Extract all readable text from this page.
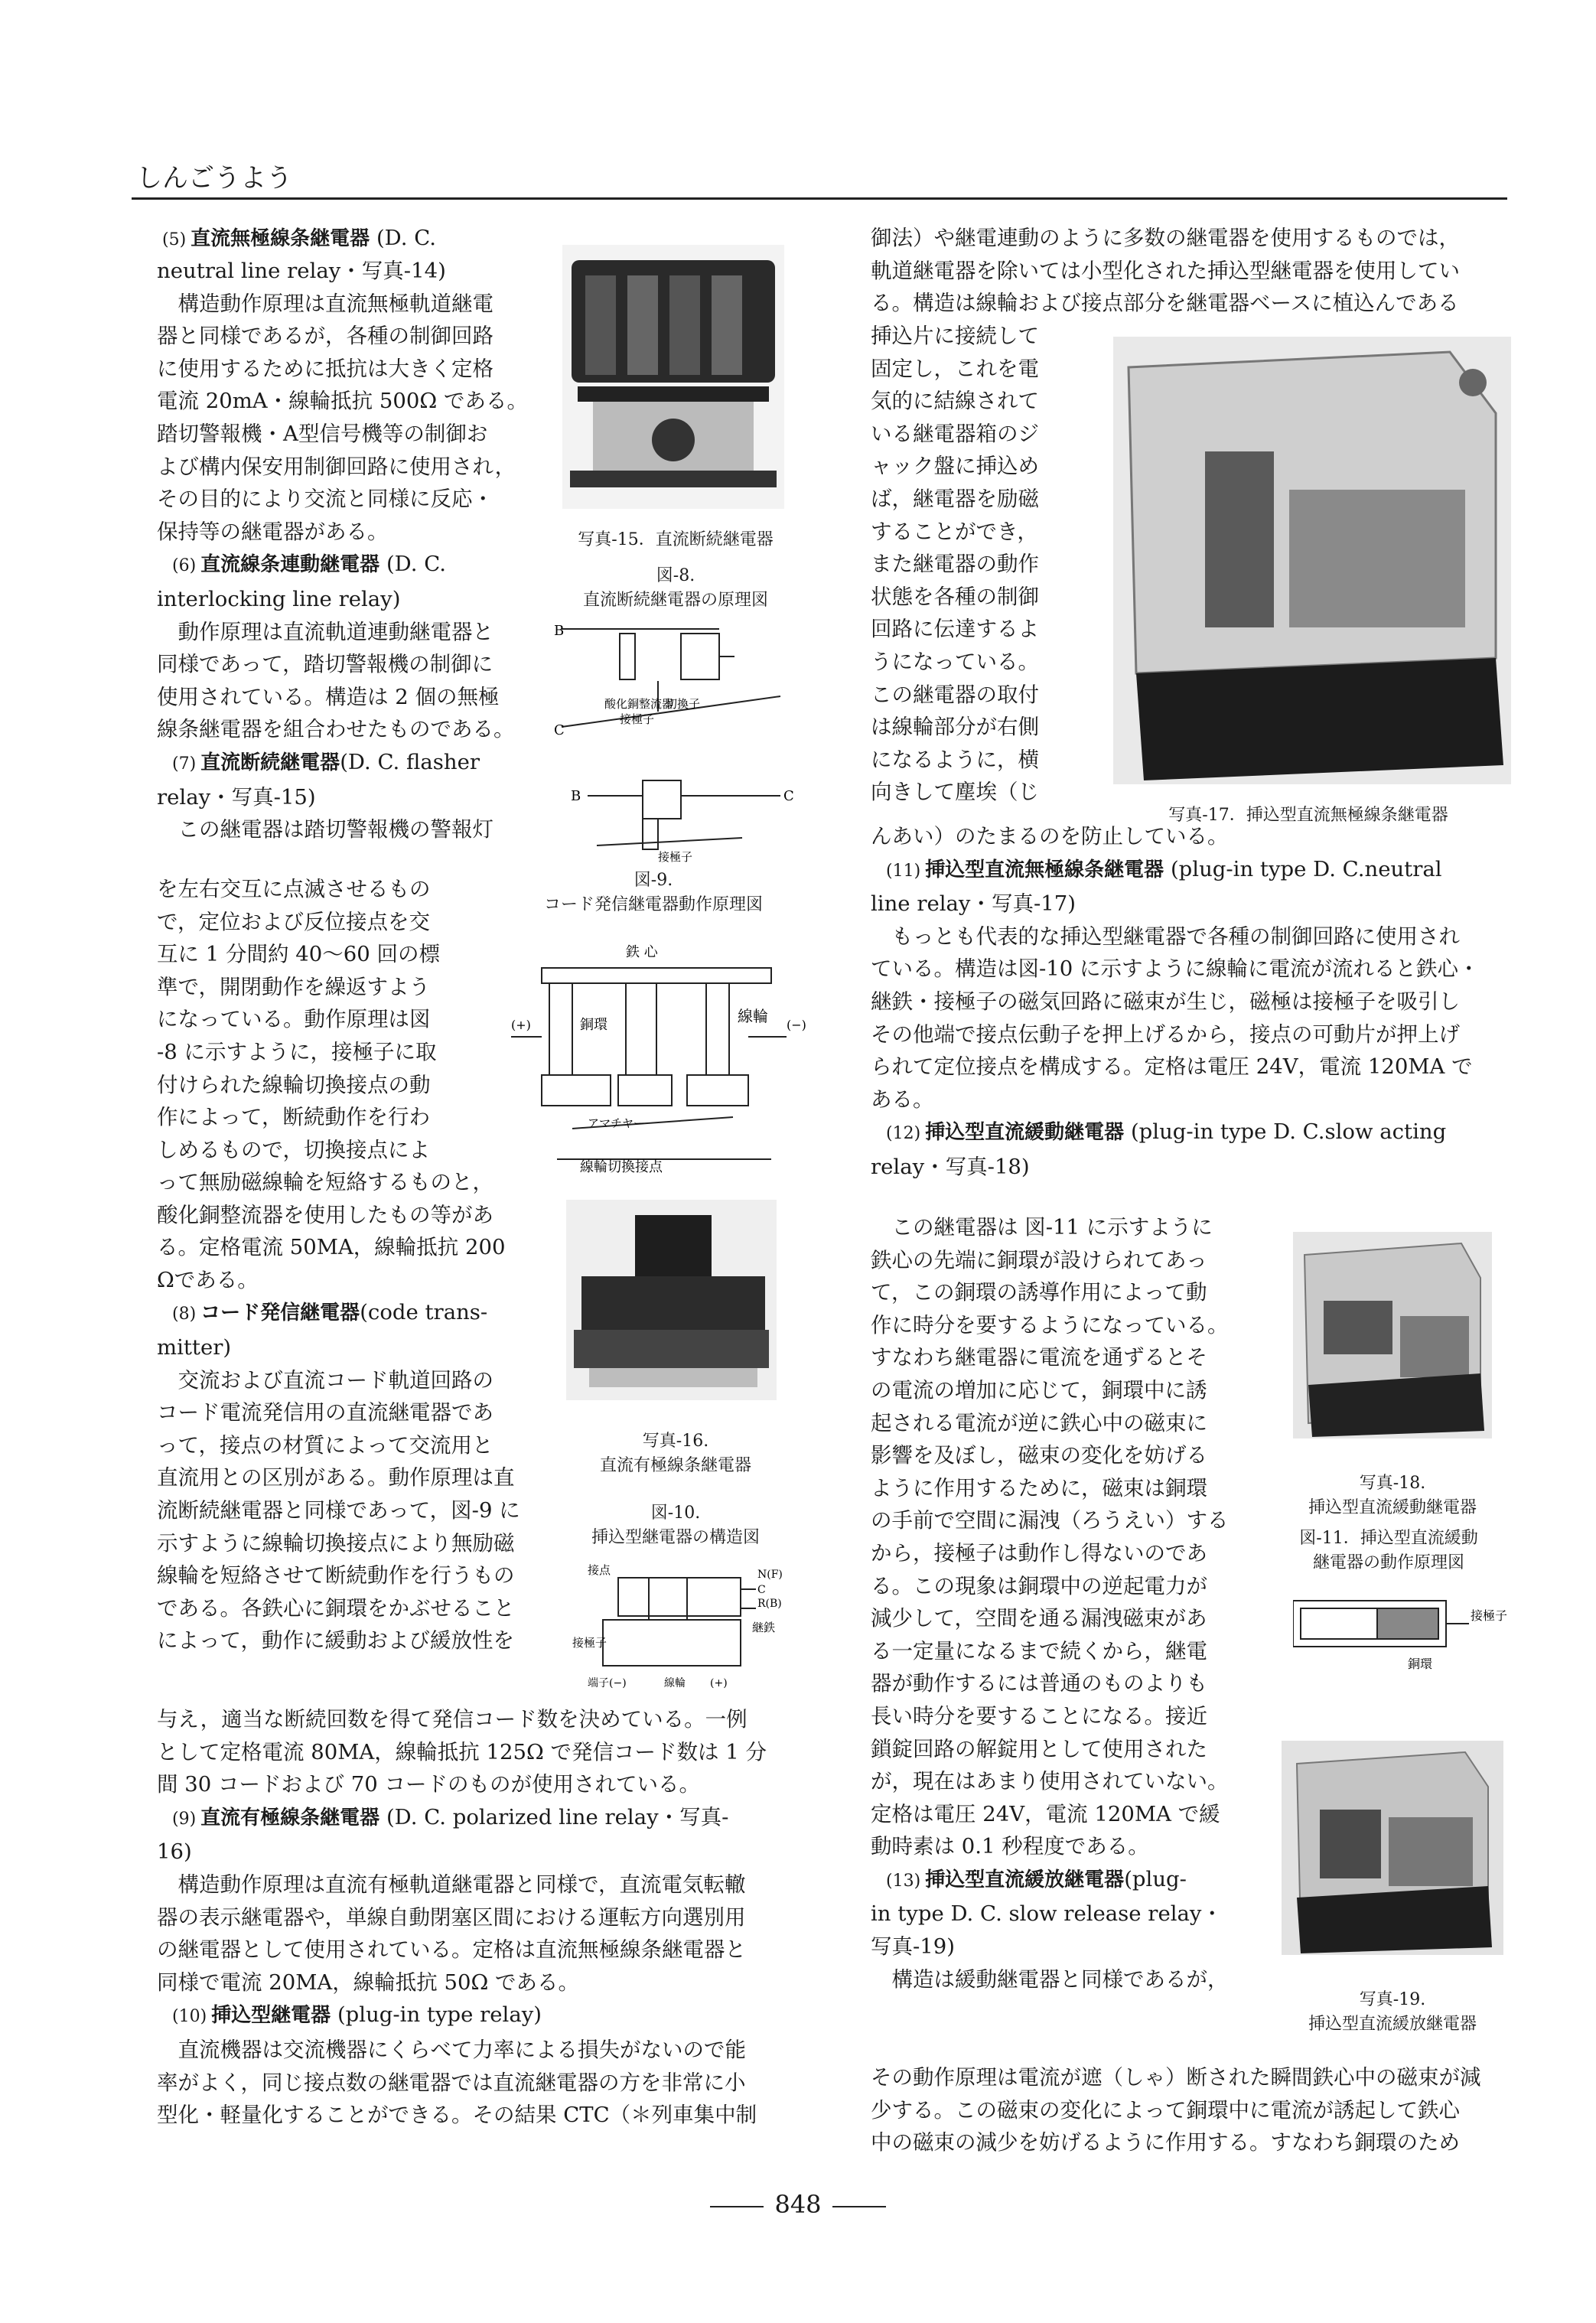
しんごうよう

(5) 直流無極線条継電器 (D. C.

neutral line relay・写真-14)

構造動作原理は直流無極軌道継電

器と同様であるが，各種の制御回路

に使用するために抵抗は大きく定格

電流 20mA・線輪抵抗 500Ω である。

踏切警報機・A型信号機等の制御お

よび構内保安用制御回路に使用され，

その目的により交流と同様に反応・

保持等の継電器がある。

(6) 直流線条連動継電器 (D. C.

interlocking line relay)

動作原理は直流軌道連動継電器と

同様であって，踏切警報機の制御に

使用されている。構造は 2 個の無極

線条継電器を組合わせたものである。

(7) 直流断続継電器(D. C. flasher

relay・写真-15)

この継電器は踏切警報機の警報灯

を左右交互に点滅させるもの

で，定位および反位接点を交

互に 1 分間約 40〜60 回の標

準で，開閉動作を繰返すよう

になっている。動作原理は図

-8 に示すように，接極子に取

付けられた線輪切換接点の動

作によって，断続動作を行わ

しめるもので，切換接点によ

って無励磁線輪を短絡するものと，

酸化銅整流器を使用したもの等があ

る。定格電流 50MA，線輪抵抗 200

Ωである。

(8) コード発信継電器(code trans-

mitter)

交流および直流コード軌道回路の

コード電流発信用の直流継電器であ

って，接点の材質によって交流用と

直流用との区別がある。動作原理は直

流断続継電器と同様であって，図-9 に

示すように線輪切換接点により無励磁

線輪を短絡させて断続動作を行うもの

である。各鉄心に銅環をかぶせること

によって，動作に緩動および緩放性を

与え，適当な断続回数を得て発信コード数を決めている。一例

として定格電流 80MA，線輪抵抗 125Ω で発信コード数は 1 分

間 30 コードおよび 70 コードのものが使用されている。

(9) 直流有極線条継電器 (D. C. polarized line relay・写真-

16)

構造動作原理は直流有極軌道継電器と同様で，直流電気転轍

器の表示継電器や，単線自動閉塞区間における運転方向選別用

の継電器として使用されている。定格は直流無極線条継電器と

同様で電流 20MA，線輪抵抗 50Ω である。

(10) 挿込型継電器 (plug-in type relay)

直流機器は交流機器にくらべて力率による損失がないので能

率がよく，同じ接点数の継電器では直流継電器の方を非常に小

型化・軽量化することができる。その結果 CTC（＊列車集中制

写真-15．直流断続継電器
図-8.
直流断続継電器の原理図
B
C
酸化銅整流器
切換子
接極子
B	C
接極子
図-9.
コード発信継電器動作原理図
鉄 心
線輪
銅環
(+)	(−)
アマチヤー
線輪切換接点
写真-16.
直流有極線条継電器
図-10.
挿込型継電器の構造図
接点	N(F)
C
R(B)
継鉄
接極子
端子(−)	線輪 (+)

御法）や継電連動のように多数の継電器を使用するものでは，

軌道継電器を除いては小型化された挿込型継電器を使用してい

る。構造は線輪および接点部分を継電器ベースに植込んである

挿込片に接続して

固定し，これを電

気的に結線されて

いる継電器箱のジ

ャック盤に挿込め

ば，継電器を励磁

することができ，

また継電器の動作

状態を各種の制御

回路に伝達するよ

うになっている。

この継電器の取付

は線輪部分が右側

になるように，横

向きして塵埃（じ

写真-17．挿込型直流無極線条継電器

んあい）のたまるのを防止している。

(11) 挿込型直流無極線条継電器 (plug-in type D. C.neutral

line relay・写真-17)

もっとも代表的な挿込型継電器で各種の制御回路に使用され

ている。構造は図-10 に示すように線輪に電流が流れると鉄心・

継鉄・接極子の磁気回路に磁束が生じ，磁極は接極子を吸引し

その他端で接点伝動子を押上げるから，接点の可動片が押上げ

られて定位接点を構成する。定格は電圧 24V，電流 120MA で

ある。

(12) 挿込型直流緩動継電器 (plug-in type D. C.slow acting

relay・写真-18)

この継電器は 図-11 に示すように

鉄心の先端に銅環が設けられてあっ

て，この銅環の誘導作用によって動

作に時分を要するようになっている。

すなわち継電器に電流を通ずるとそ

の電流の増加に応じて，銅環中に誘

起される電流が逆に鉄心中の磁束に

影響を及ぼし，磁束の変化を妨げる

ように作用するために，磁束は銅環

の手前で空間に漏洩（ろうえい）する

から，接極子は動作し得ないのであ

る。この現象は銅環中の逆起電力が

減少して，空間を通る漏洩磁束があ

る一定量になるまで続くから，継電

器が動作するには普通のものよりも

長い時分を要することになる。接近

鎖錠回路の解錠用として使用された

が，現在はあまり使用されていない。

定格は電圧 24V，電流 120MA で緩

動時素は 0.1 秒程度である。

(13) 挿込型直流緩放継電器(plug-

in type D. C. slow release relay・

写真-19)

構造は緩動継電器と同様であるが，

その動作原理は電流が遮（しゃ）断された瞬間鉄心中の磁束が減

少する。この磁束の変化によって銅環中に電流が誘起して鉄心

中の磁束の減少を妨げるように作用する。すなわち銅環のため

写真-18.
挿込型直流緩動継電器
図-11．挿込型直流緩動
継電器の動作原理図
接極子
銅環
写真-19.
挿込型直流緩放継電器
848
